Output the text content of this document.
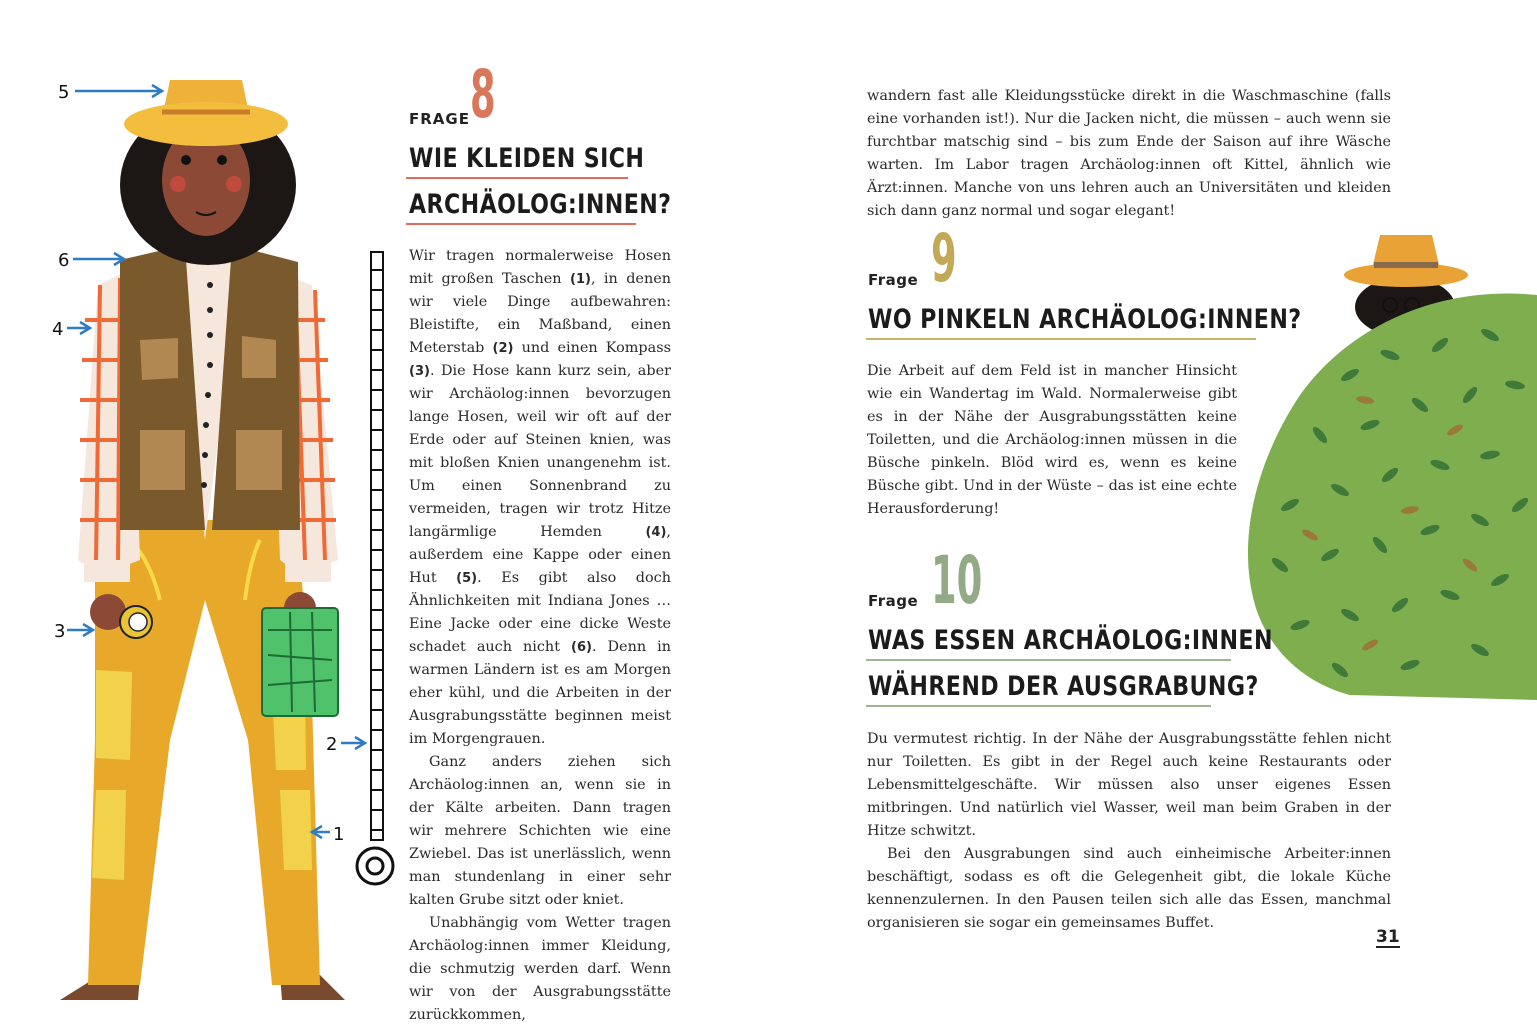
5
6
4
3
2
1
FRAGE 8
WIE KLEIDEN SICH
ARCHÄOLOG:INNEN?

Wir tragen normalerweise Hosen mit großen Taschen (1), in denen wir viele Dinge aufbewahren: Bleistifte, ein Maßband, einen Meterstab (2) und einen Kompass (3). Die Hose kann kurz sein, aber wir Archäolog:innen bevorzugen lange Hosen, weil wir oft auf der Erde oder auf Steinen knien, was mit bloßen Knien unangenehm ist. Um einen Sonnenbrand zu vermeiden, tragen wir trotz Hitze langärmlige Hemden (4), außerdem eine Kappe oder einen Hut (5). Es gibt also doch Ähnlichkeiten mit Indiana Jones … Eine Jacke oder eine dicke Weste schadet auch nicht (6). Denn in warmen Ländern ist es am Morgen eher kühl, und die Arbeiten in der Ausgrabungsstätte beginnen meist im Morgengrauen.

Ganz anders ziehen sich Archäolog:innen an, wenn sie in der Kälte arbeiten. Dann tragen wir mehrere Schichten wie eine Zwiebel. Das ist unerlässlich, wenn man stundenlang in einer sehr kalten Grube sitzt oder kniet.

Unabhängig vom Wetter tragen Archäolog:innen immer Kleidung, die schmutzig werden darf. Wenn wir von der Ausgrabungsstätte zurückkommen,

wandern fast alle Kleidungsstücke direkt in die Waschmaschine (falls eine vorhanden ist!). Nur die Jacken nicht, die müssen – auch wenn sie furchtbar matschig sind – bis zum Ende der Saison auf ihre Wäsche warten. Im Labor tragen Archäolog:innen oft Kittel, ähnlich wie Ärzt:innen. Manche von uns lehren auch an Universitäten und kleiden sich dann ganz normal und sogar elegant!

Frage 9
WO PINKELN ARCHÄOLOG:INNEN?

Die Arbeit auf dem Feld ist in mancher Hinsicht wie ein Wandertag im Wald. Normalerweise gibt es in der Nähe der Ausgrabungsstätten keine Toiletten, und die Archäolog:innen müssen in die Büsche pinkeln. Blöd wird es, wenn es keine Büsche gibt. Und in der Wüste – das ist eine echte Herausforderung!

Frage 10
WAS ESSEN ARCHÄOLOG:INNEN
WÄHREND DER AUSGRABUNG?

Du vermutest richtig. In der Nähe der Ausgrabungsstätte fehlen nicht nur Toiletten. Es gibt in der Regel auch keine Restaurants oder Lebensmittelgeschäfte. Wir müssen also unser eigenes Essen mitbringen. Und natürlich viel Wasser, weil man beim Graben in der Hitze schwitzt.

Bei den Ausgrabungen sind auch einheimische Arbeiter:innen beschäftigt, sodass es oft die Gelegenheit gibt, die lokale Küche kennenzulernen. In den Pausen teilen sich alle das Essen, manchmal organisieren sie sogar ein gemeinsames Buffet.

31
